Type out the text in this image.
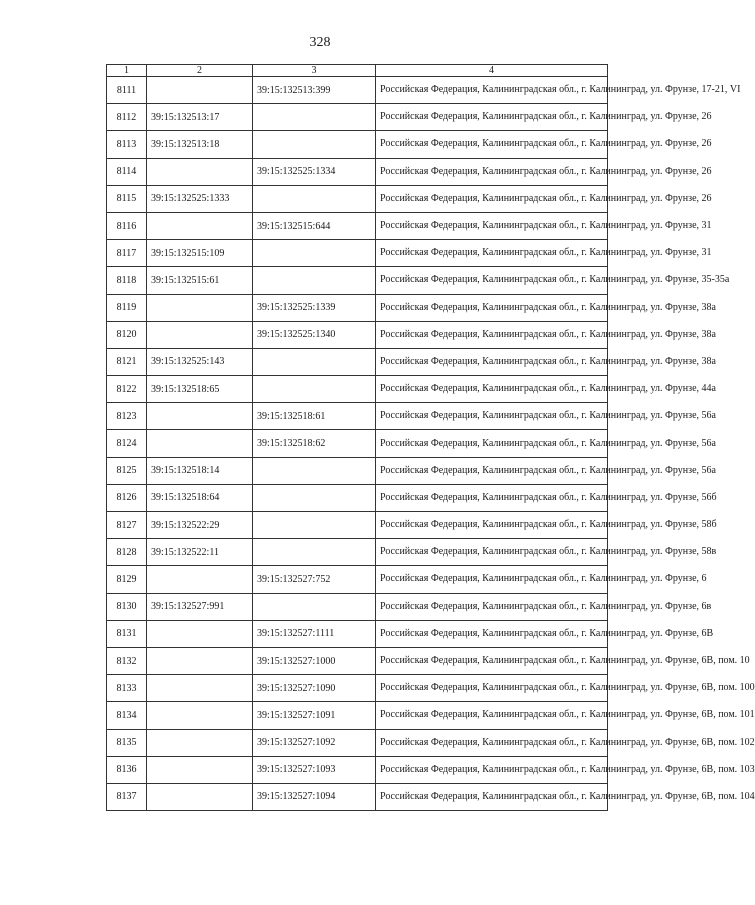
328
1	2	3	4
8111		39:15:132513:399	Российская Федерация, Калининградская обл., г. Калининград, ул. Фрунзе, 17-21, VI
8112	39:15:132513:17		Российская Федерация, Калининградская обл., г. Калининград, ул. Фрунзе, 26
8113	39:15:132513:18		Российская Федерация, Калининградская обл., г. Калининград, ул. Фрунзе, 26
8114		39:15:132525:1334	Российская Федерация, Калининградская обл., г. Калининград, ул. Фрунзе, 26
8115	39:15:132525:1333		Российская Федерация, Калининградская обл., г. Калининград, ул. Фрунзе, 26
8116		39:15:132515:644	Российская Федерация, Калининградская обл., г. Калининград, ул. Фрунзе, 31
8117	39:15:132515:109		Российская Федерация, Калининградская обл., г. Калининград, ул. Фрунзе, 31
8118	39:15:132515:61		Российская Федерация, Калининградская обл., г. Калининград, ул. Фрунзе, 35-35а
8119		39:15:132525:1339	Российская Федерация, Калининградская обл., г. Калининград, ул. Фрунзе, 38а
8120		39:15:132525:1340	Российская Федерация, Калининградская обл., г. Калининград, ул. Фрунзе, 38а
8121	39:15:132525:143		Российская Федерация, Калининградская обл., г. Калининград, ул. Фрунзе, 38а
8122	39:15:132518:65		Российская Федерация, Калининградская обл., г. Калининград, ул. Фрунзе, 44а
8123		39:15:132518:61	Российская Федерация, Калининградская обл., г. Калининград, ул. Фрунзе, 56а
8124		39:15:132518:62	Российская Федерация, Калининградская обл., г. Калининград, ул. Фрунзе, 56а
8125	39:15:132518:14		Российская Федерация, Калининградская обл., г. Калининград, ул. Фрунзе, 56а
8126	39:15:132518:64		Российская Федерация, Калининградская обл., г. Калининград, ул. Фрунзе, 56б
8127	39:15:132522:29		Российская Федерация, Калининградская обл., г. Калининград, ул. Фрунзе, 58б
8128	39:15:132522:11		Российская Федерация, Калининградская обл., г. Калининград, ул. Фрунзе, 58в
8129		39:15:132527:752	Российская Федерация, Калининградская обл., г. Калининград, ул. Фрунзе, 6
8130	39:15:132527:991		Российская Федерация, Калининградская обл., г. Калининград, ул. Фрунзе, 6в
8131		39:15:132527:1111	Российская Федерация, Калининградская обл., г. Калининград, ул. Фрунзе, 6В
8132		39:15:132527:1000	Российская Федерация, Калининградская обл., г. Калининград, ул. Фрунзе, 6В, пом. 10
8133		39:15:132527:1090	Российская Федерация, Калининградская обл., г. Калининград, ул. Фрунзе, 6В, пом. 100
8134		39:15:132527:1091	Российская Федерация, Калининградская обл., г. Калининград, ул. Фрунзе, 6В, пом. 101
8135		39:15:132527:1092	Российская Федерация, Калининградская обл., г. Калининград, ул. Фрунзе, 6В, пом. 102
8136		39:15:132527:1093	Российская Федерация, Калининградская обл., г. Калининград, ул. Фрунзе, 6В, пом. 103
8137		39:15:132527:1094	Российская Федерация, Калининградская обл., г. Калининград, ул. Фрунзе, 6В, пом. 104
